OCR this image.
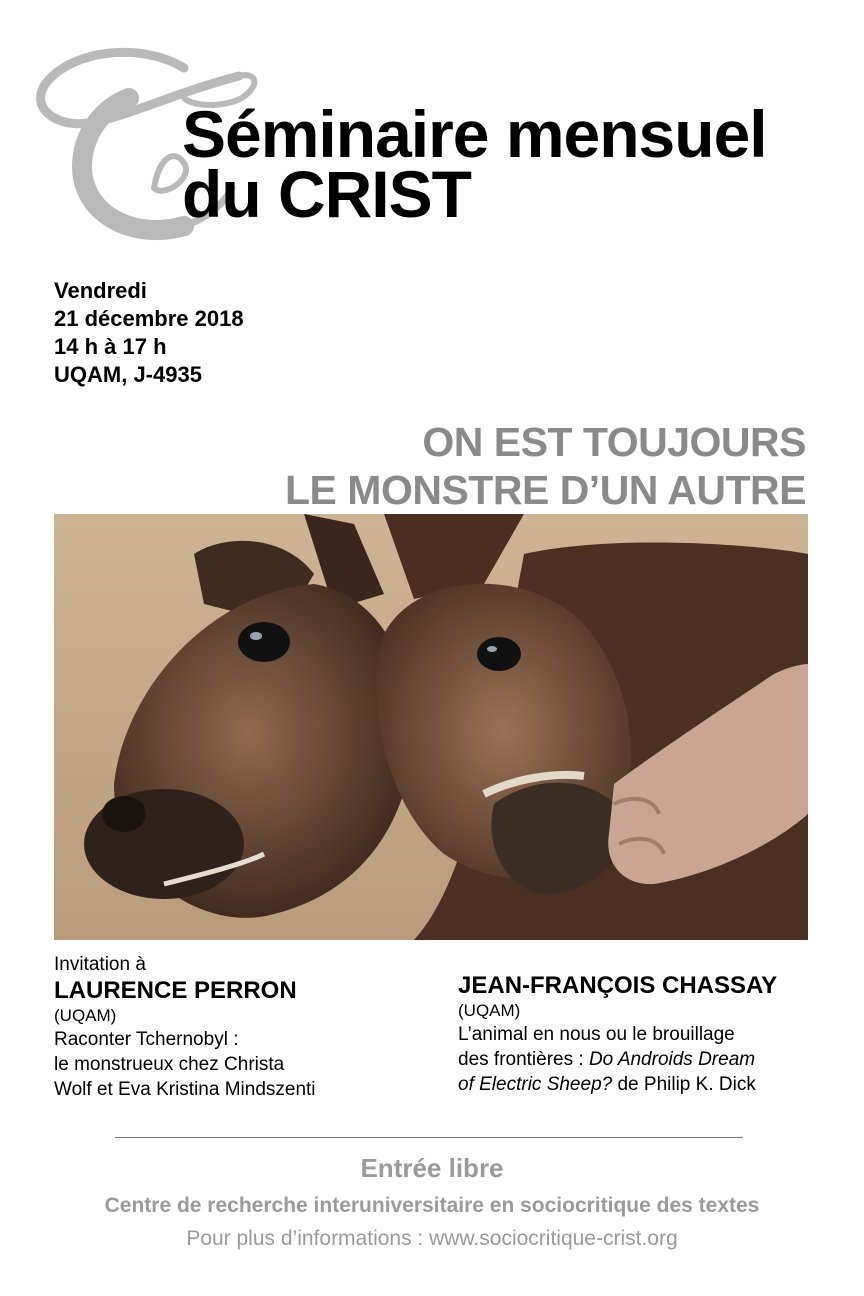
Séminaire mensuel
du CRIST
Vendredi
21 décembre 2018
14 h à 17 h
UQAM, J-4935
ON EST TOUJOURS
LE MONSTRE D’UN AUTRE
Invitation à
LAURENCE PERRON
(UQAM)
Raconter Tchernobyl :
le monstrueux chez Christa
Wolf et Eva Kristina Mindszenti
JEAN-FRANÇOIS CHASSAY
(UQAM)
L’animal en nous ou le brouillage
des frontières : Do Androids Dream
of Electric Sheep? de Philip K. Dick
Entrée libre
Centre de recherche interuniversitaire en sociocritique des textes
Pour plus d’informations : www.sociocritique-crist.org
